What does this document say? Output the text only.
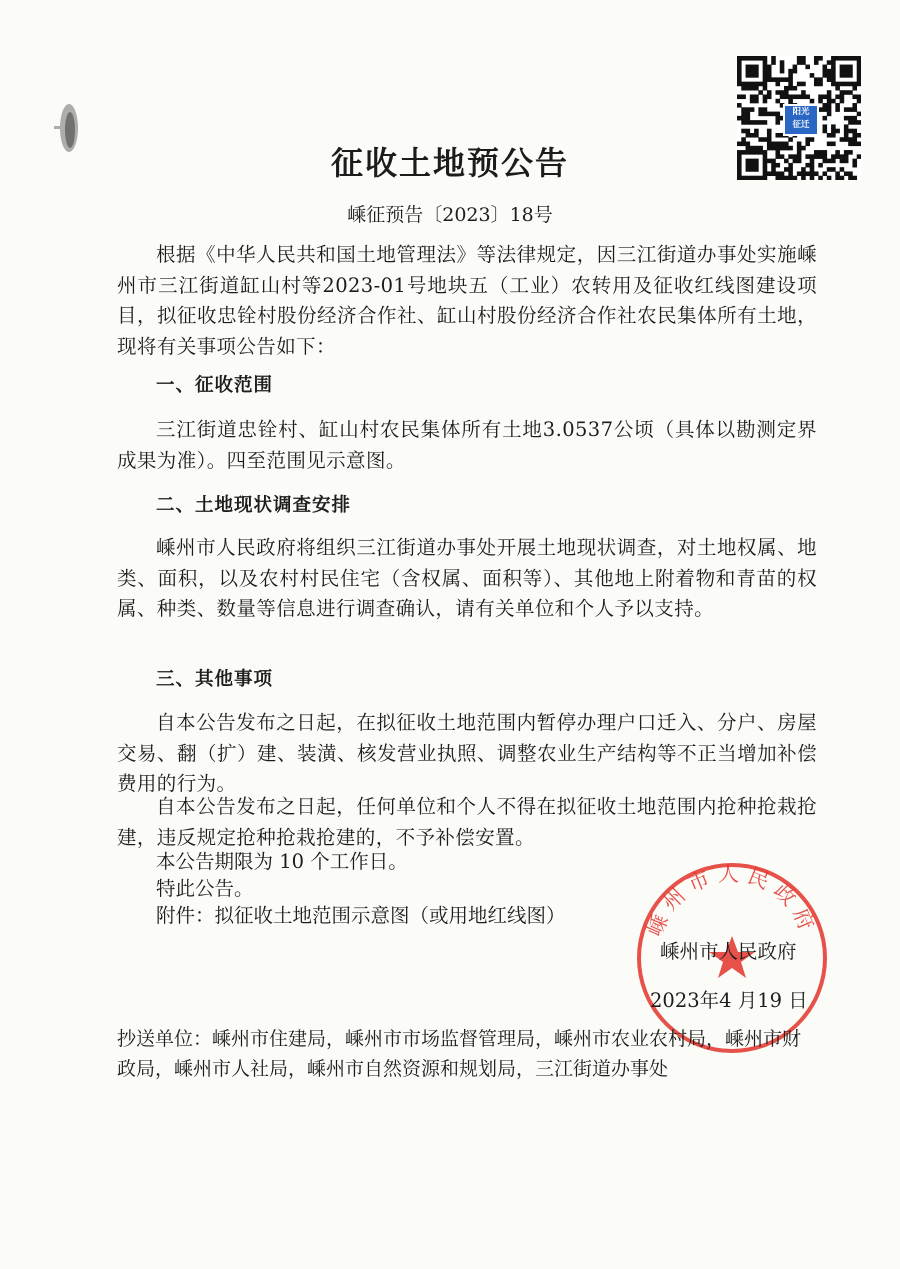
阳光
征迁
征收土地预公告
嵊征预告〔2023〕18号
根据《中华人民共和国土地管理法》等法律规定，因三江街道办事处实施嵊州市三江街道缸山村等2023-01号地块五（工业）农转用及征收红线图建设项目，拟征收忠铨村股份经济合作社、缸山村股份经济合作社农民集体所有土地，现将有关事项公告如下：
一、征收范围
三江街道忠铨村、缸山村农民集体所有土地3.0537公顷（具体以勘测定界成果为准）。四至范围见示意图。
二、土地现状调查安排
嵊州市人民政府将组织三江街道办事处开展土地现状调查，对土地权属、地类、面积，以及农村村民住宅（含权属、面积等）、其他地上附着物和青苗的权属、种类、数量等信息进行调查确认，请有关单位和个人予以支持。
三、其他事项
自本公告发布之日起，在拟征收土地范围内暂停办理户口迁入、分户、房屋交易、翻（扩）建、装潢、核发营业执照、调整农业生产结构等不正当增加补偿费用的行为。
自本公告发布之日起，任何单位和个人不得在拟征收土地范围内抢种抢栽抢建，违反规定抢种抢栽抢建的，不予补偿安置。
本公告期限为 10 个工作日。
特此公告。
附件：拟征收土地范围示意图（或用地红线图）	嵊州市人民政府
嵊州市人民政府
2023年4 月19 日
抄送单位：嵊州市住建局，嵊州市市场监督管理局，嵊州市农业农村局，嵊州市财政局，嵊州市人社局，嵊州市自然资源和规划局，三江街道办事处
